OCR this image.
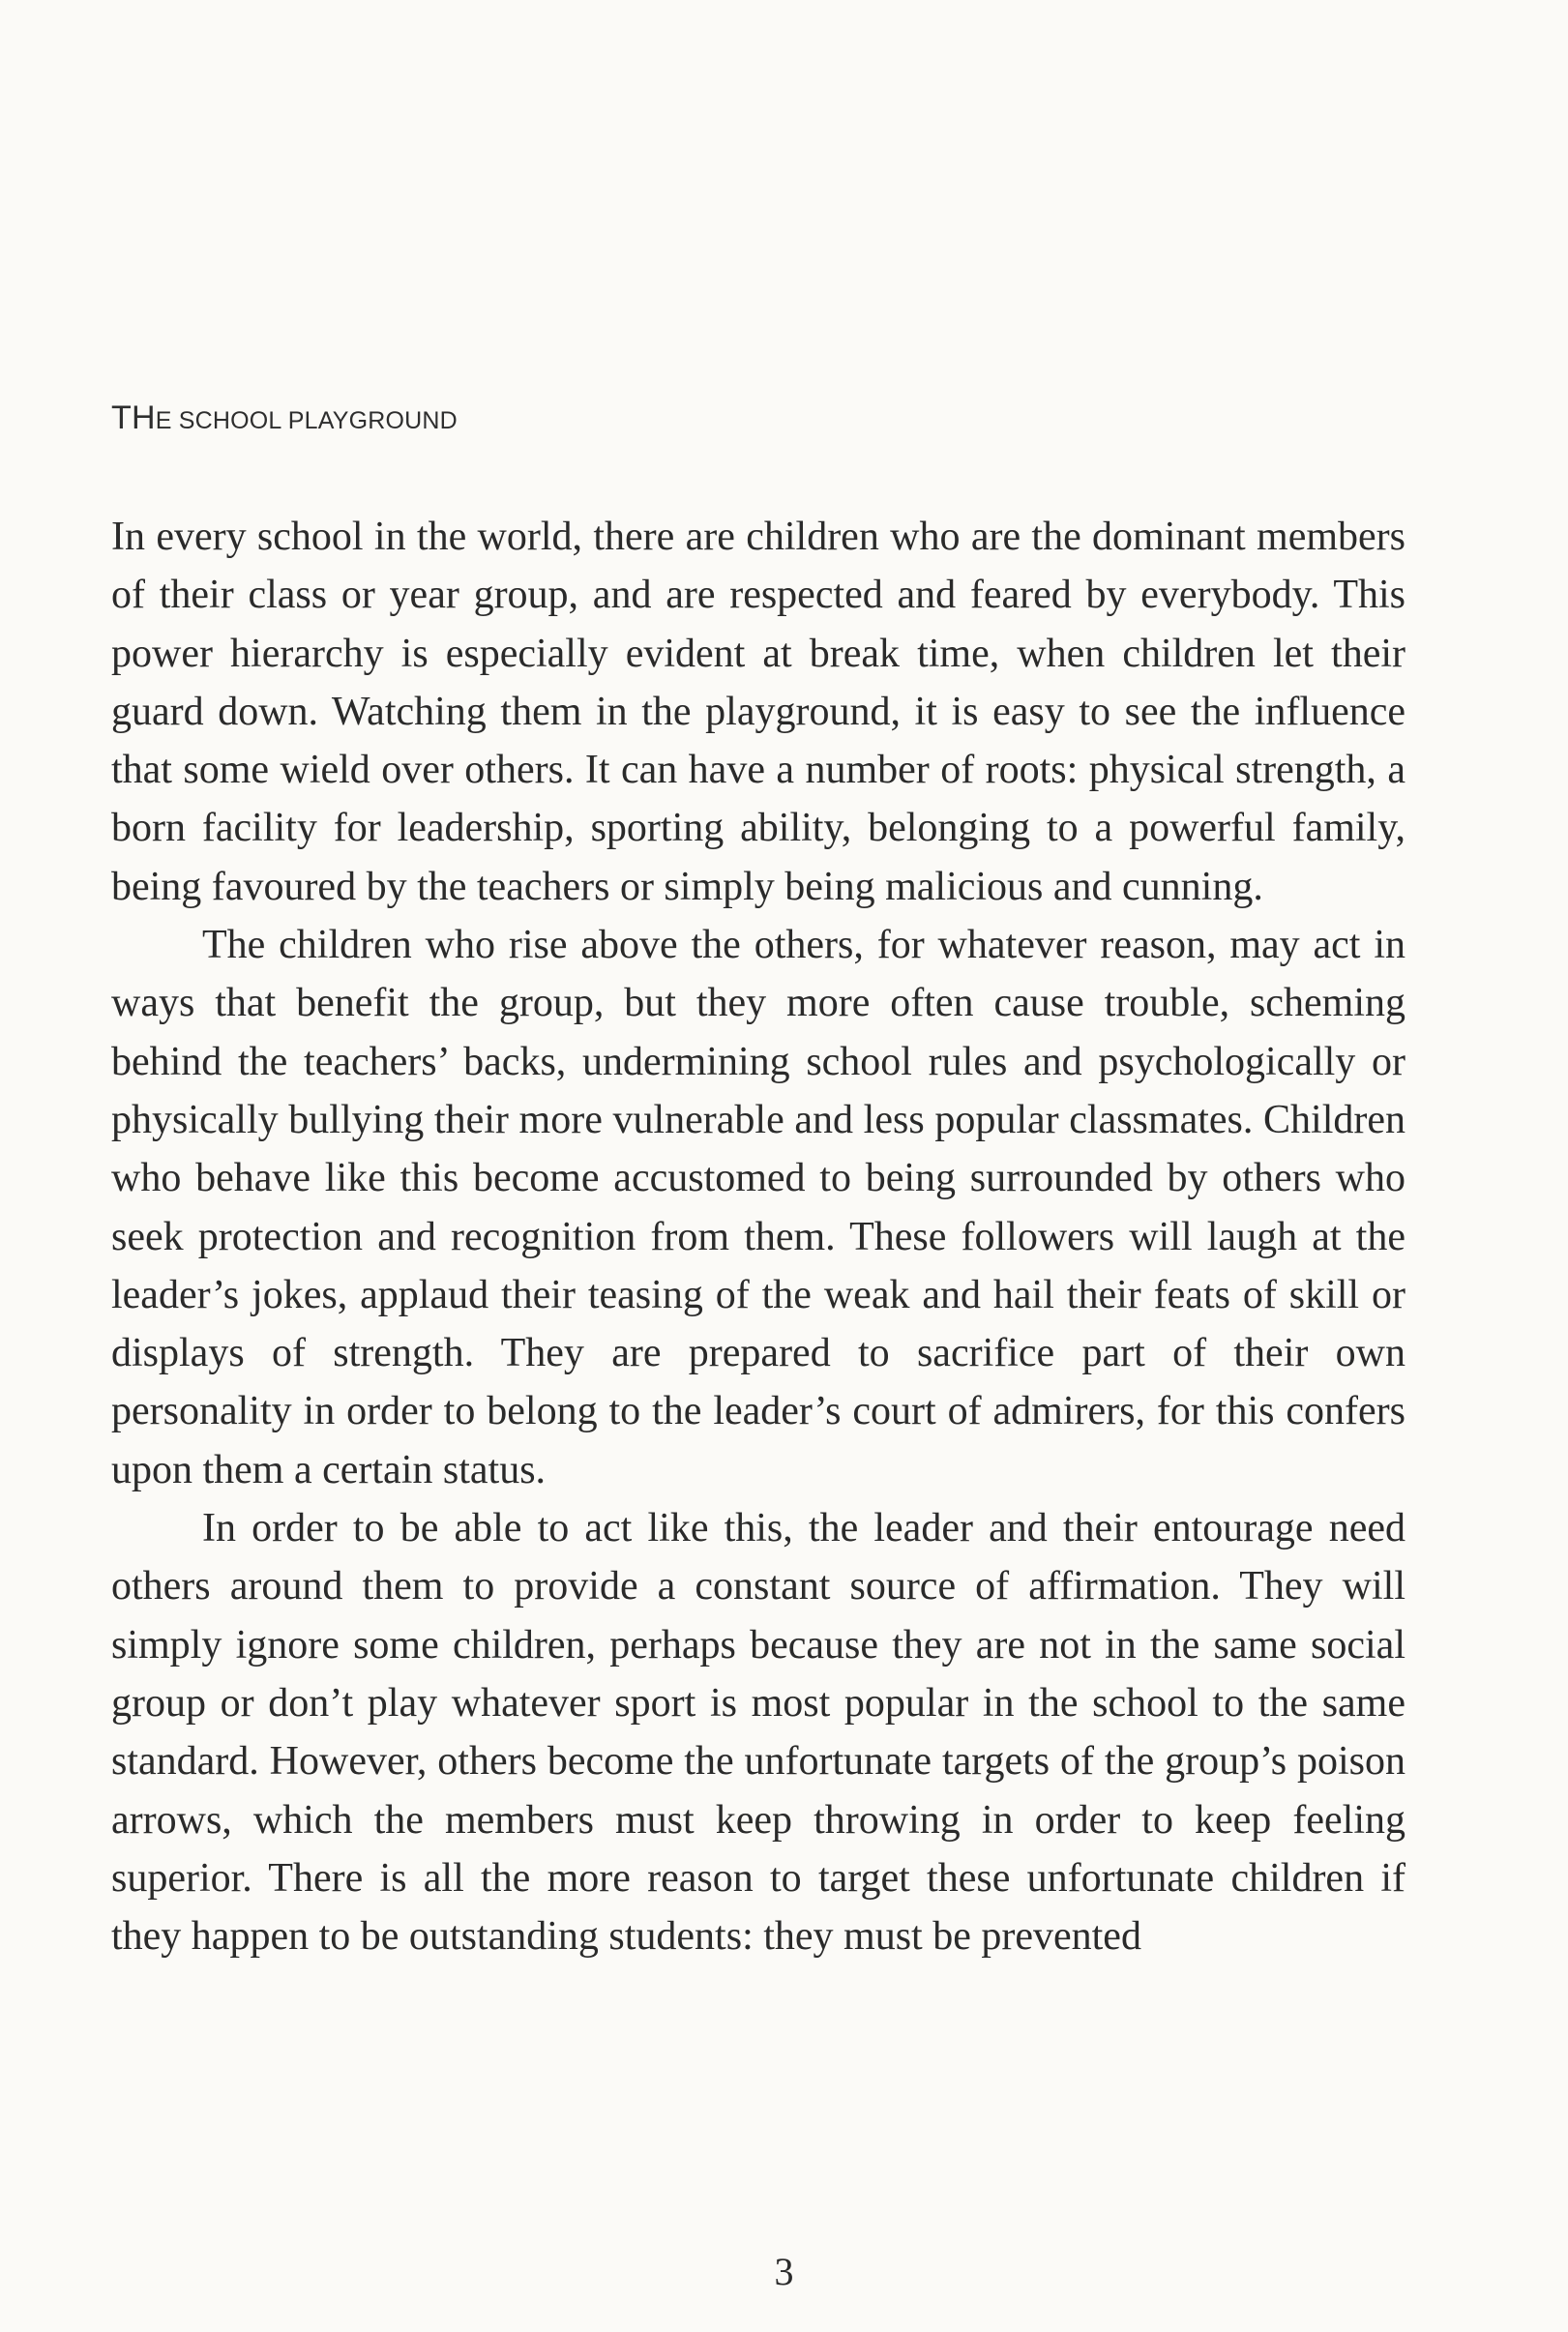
THE SCHOOL PLAYGROUND

In every school in the world, there are children who are the dominant members of their class or year group, and are respected and feared by everybody. This power hierarchy is especially evident at break time, when children let their guard down. Watching them in the playground, it is easy to see the influence that some wield over others. It can have a number of roots: physical strength, a born facility for leadership, sporting ability, belonging to a powerful family, being favoured by the teachers or simply being malicious and cunning.

The children who rise above the others, for whatever reason, may act in ways that benefit the group, but they more often cause trouble, scheming behind the teachers’ backs, undermining school rules and psychologically or physically bullying their more vulnerable and less popular classmates. Children who behave like this become accustomed to being surrounded by others who seek protection and recognition from them. These followers will laugh at the leader’s jokes, applaud their teasing of the weak and hail their feats of skill or displays of strength. They are prepared to sacrifice part of their own personality in order to belong to the leader’s court of admirers, for this confers upon them a certain status.

In order to be able to act like this, the leader and their entourage need others around them to provide a constant source of affirmation. They will simply ignore some children, perhaps because they are not in the same social group or don’t play whatever sport is most popular in the school to the same standard. However, others become the unfortunate targets of the group’s poison arrows, which the members must keep throwing in order to keep feeling superior. There is all the more reason to target these unfortunate children if they happen to be outstanding students: they must be prevented

3
